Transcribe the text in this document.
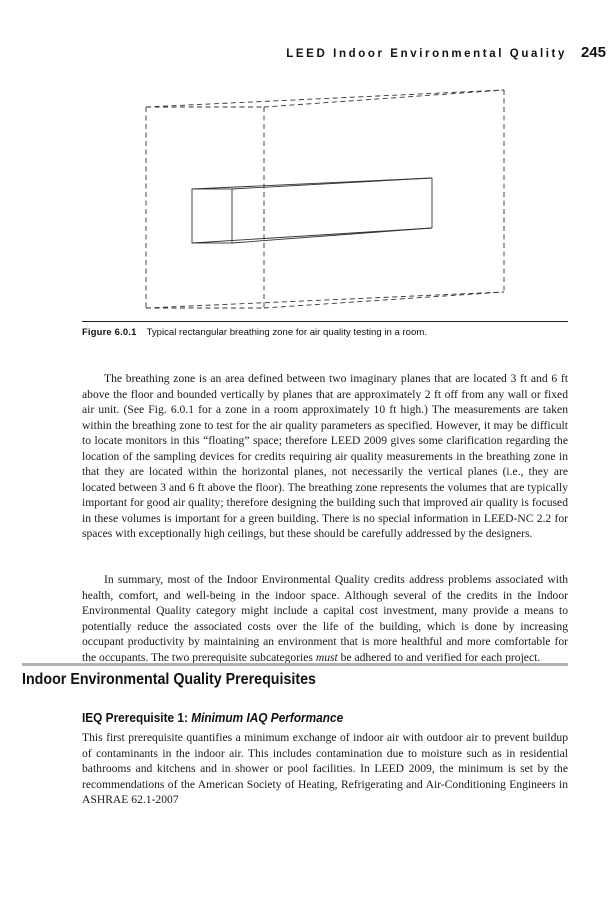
LEED Indoor Environmental Quality 245
Figure 6.0.1 Typical rectangular breathing zone for air quality testing in a room.

The breathing zone is an area defined between two imaginary planes that are located 3 ft and 6 ft above the floor and bounded vertically by planes that are approximately 2 ft off from any wall or fixed air unit. (See Fig. 6.0.1 for a zone in a room approximately 10 ft high.) The measurements are taken within the breathing zone to test for the air quality parameters as specified. However, it may be difficult to locate monitors in this “floating” space; therefore LEED 2009 gives some clarification regarding the location of the sampling devices for credits requiring air quality measurements in the breathing zone in that they are located within the horizontal planes, not necessarily the vertical planes (i.e., they are located between 3 and 6 ft above the floor). The breathing zone represents the volumes that are typically important for good air quality; therefore designing the building such that improved air quality is focused in these volumes is important for a green building. There is no special information in LEED-NC 2.2 for spaces with exceptionally high ceilings, but these should be carefully addressed by the designers.

In summary, most of the Indoor Environmental Quality credits address problems associated with health, comfort, and well-being in the indoor space. Although several of the credits in the Indoor Environmental Quality category might include a capital cost investment, many provide a means to potentially reduce the associated costs over the life of the building, which is done by increasing occupant productivity by maintaining an environment that is more healthful and more comfortable for the occupants. The two prerequisite subcategories must be adhered to and verified for each project.

Indoor Environmental Quality Prerequisites
IEQ Prerequisite 1: Minimum IAQ Performance

This first prerequisite quantifies a minimum exchange of indoor air with outdoor air to prevent buildup of contaminants in the indoor air. This includes contamination due to moisture such as in residential bathrooms and kitchens and in shower or pool facilities. In LEED 2009, the minimum is set by the recommendations of the American Society of Heating, Refrigerating and Air-Conditioning Engineers in ASHRAE 62.1-2007
